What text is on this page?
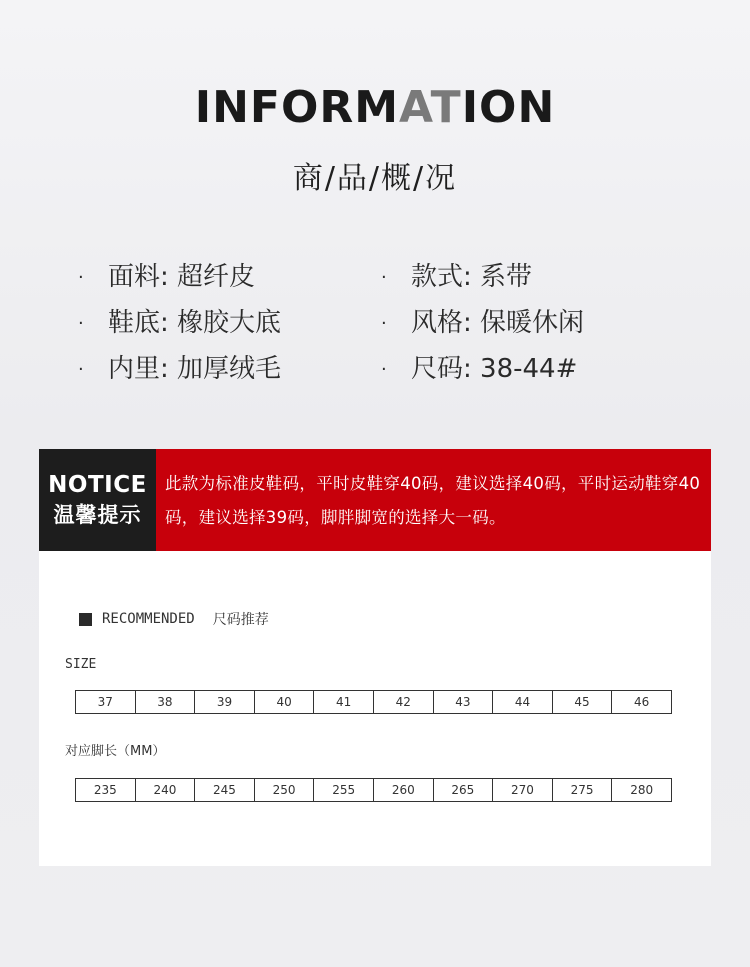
INFORMATION
商/品/概/况
· 面料: 超纤皮
· 鞋底: 橡胶大底
· 内里: 加厚绒毛
· 款式: 系带
· 风格: 保暖休闲
· 尺码: 38-44#
NOTICE
温馨提示
此款为标准皮鞋码，平时皮鞋穿40码，建议选择40码，平时运动鞋穿40码，建议选择39码，脚胖脚宽的选择大一码。
RECOMMENDED 尺码推荐
SIZE
37	38	39	40	41	42	43	44	45	46
对应脚长（MM）
235	240	245	250	255	260	265	270	275	280
